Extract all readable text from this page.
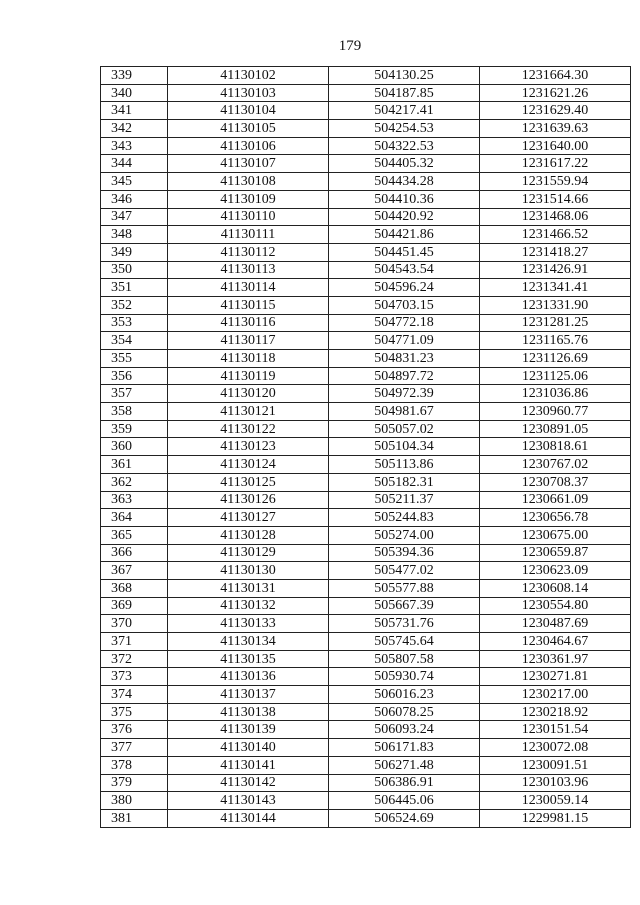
179
339	41130102	504130.25	1231664.30
340	41130103	504187.85	1231621.26
341	41130104	504217.41	1231629.40
342	41130105	504254.53	1231639.63
343	41130106	504322.53	1231640.00
344	41130107	504405.32	1231617.22
345	41130108	504434.28	1231559.94
346	41130109	504410.36	1231514.66
347	41130110	504420.92	1231468.06
348	41130111	504421.86	1231466.52
349	41130112	504451.45	1231418.27
350	41130113	504543.54	1231426.91
351	41130114	504596.24	1231341.41
352	41130115	504703.15	1231331.90
353	41130116	504772.18	1231281.25
354	41130117	504771.09	1231165.76
355	41130118	504831.23	1231126.69
356	41130119	504897.72	1231125.06
357	41130120	504972.39	1231036.86
358	41130121	504981.67	1230960.77
359	41130122	505057.02	1230891.05
360	41130123	505104.34	1230818.61
361	41130124	505113.86	1230767.02
362	41130125	505182.31	1230708.37
363	41130126	505211.37	1230661.09
364	41130127	505244.83	1230656.78
365	41130128	505274.00	1230675.00
366	41130129	505394.36	1230659.87
367	41130130	505477.02	1230623.09
368	41130131	505577.88	1230608.14
369	41130132	505667.39	1230554.80
370	41130133	505731.76	1230487.69
371	41130134	505745.64	1230464.67
372	41130135	505807.58	1230361.97
373	41130136	505930.74	1230271.81
374	41130137	506016.23	1230217.00
375	41130138	506078.25	1230218.92
376	41130139	506093.24	1230151.54
377	41130140	506171.83	1230072.08
378	41130141	506271.48	1230091.51
379	41130142	506386.91	1230103.96
380	41130143	506445.06	1230059.14
381	41130144	506524.69	1229981.15
